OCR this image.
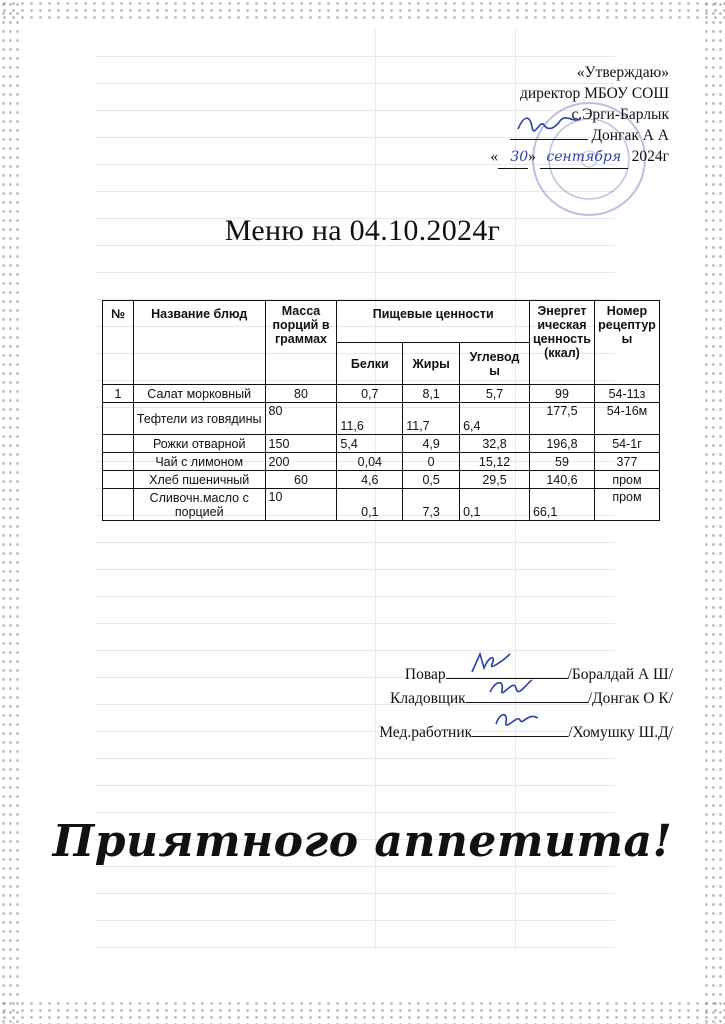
«Утверждаю»
директор МБОУ СОШ
с.Эрги-Барлык
Донгак А А
« 30» сентября 2024г
Меню на 04.10.2024г
№	Название блюд	Масса порций в граммах	Пищевые ценности			Энергет ическая ценность (ккал)	Номер рецептур ы
			Белки	Жиры	Углевод ы		
1	Салат морковный	80	0,7	8,1	5,7	99	54-11з
	Тефтели из говядины	80	11,6	11,7	6,4	177,5	54-16м
	Рожки отварной	150	5,4	4,9	32,8	196,8	54-1г
	Чай с лимоном	200	0,04	0	15,12	59	377
	Хлеб пшеничный	60	4,6	0,5	29,5	140,6	пром
	Сливочн.масло с порцией	10	0,1	7,3	0,1	66,1	пром
Повар	/Боралдай А Ш/
Кладовщик	/Донгак О К/
Мед.работник	/Хомушку Ш.Д/
Приятного аппетита!
